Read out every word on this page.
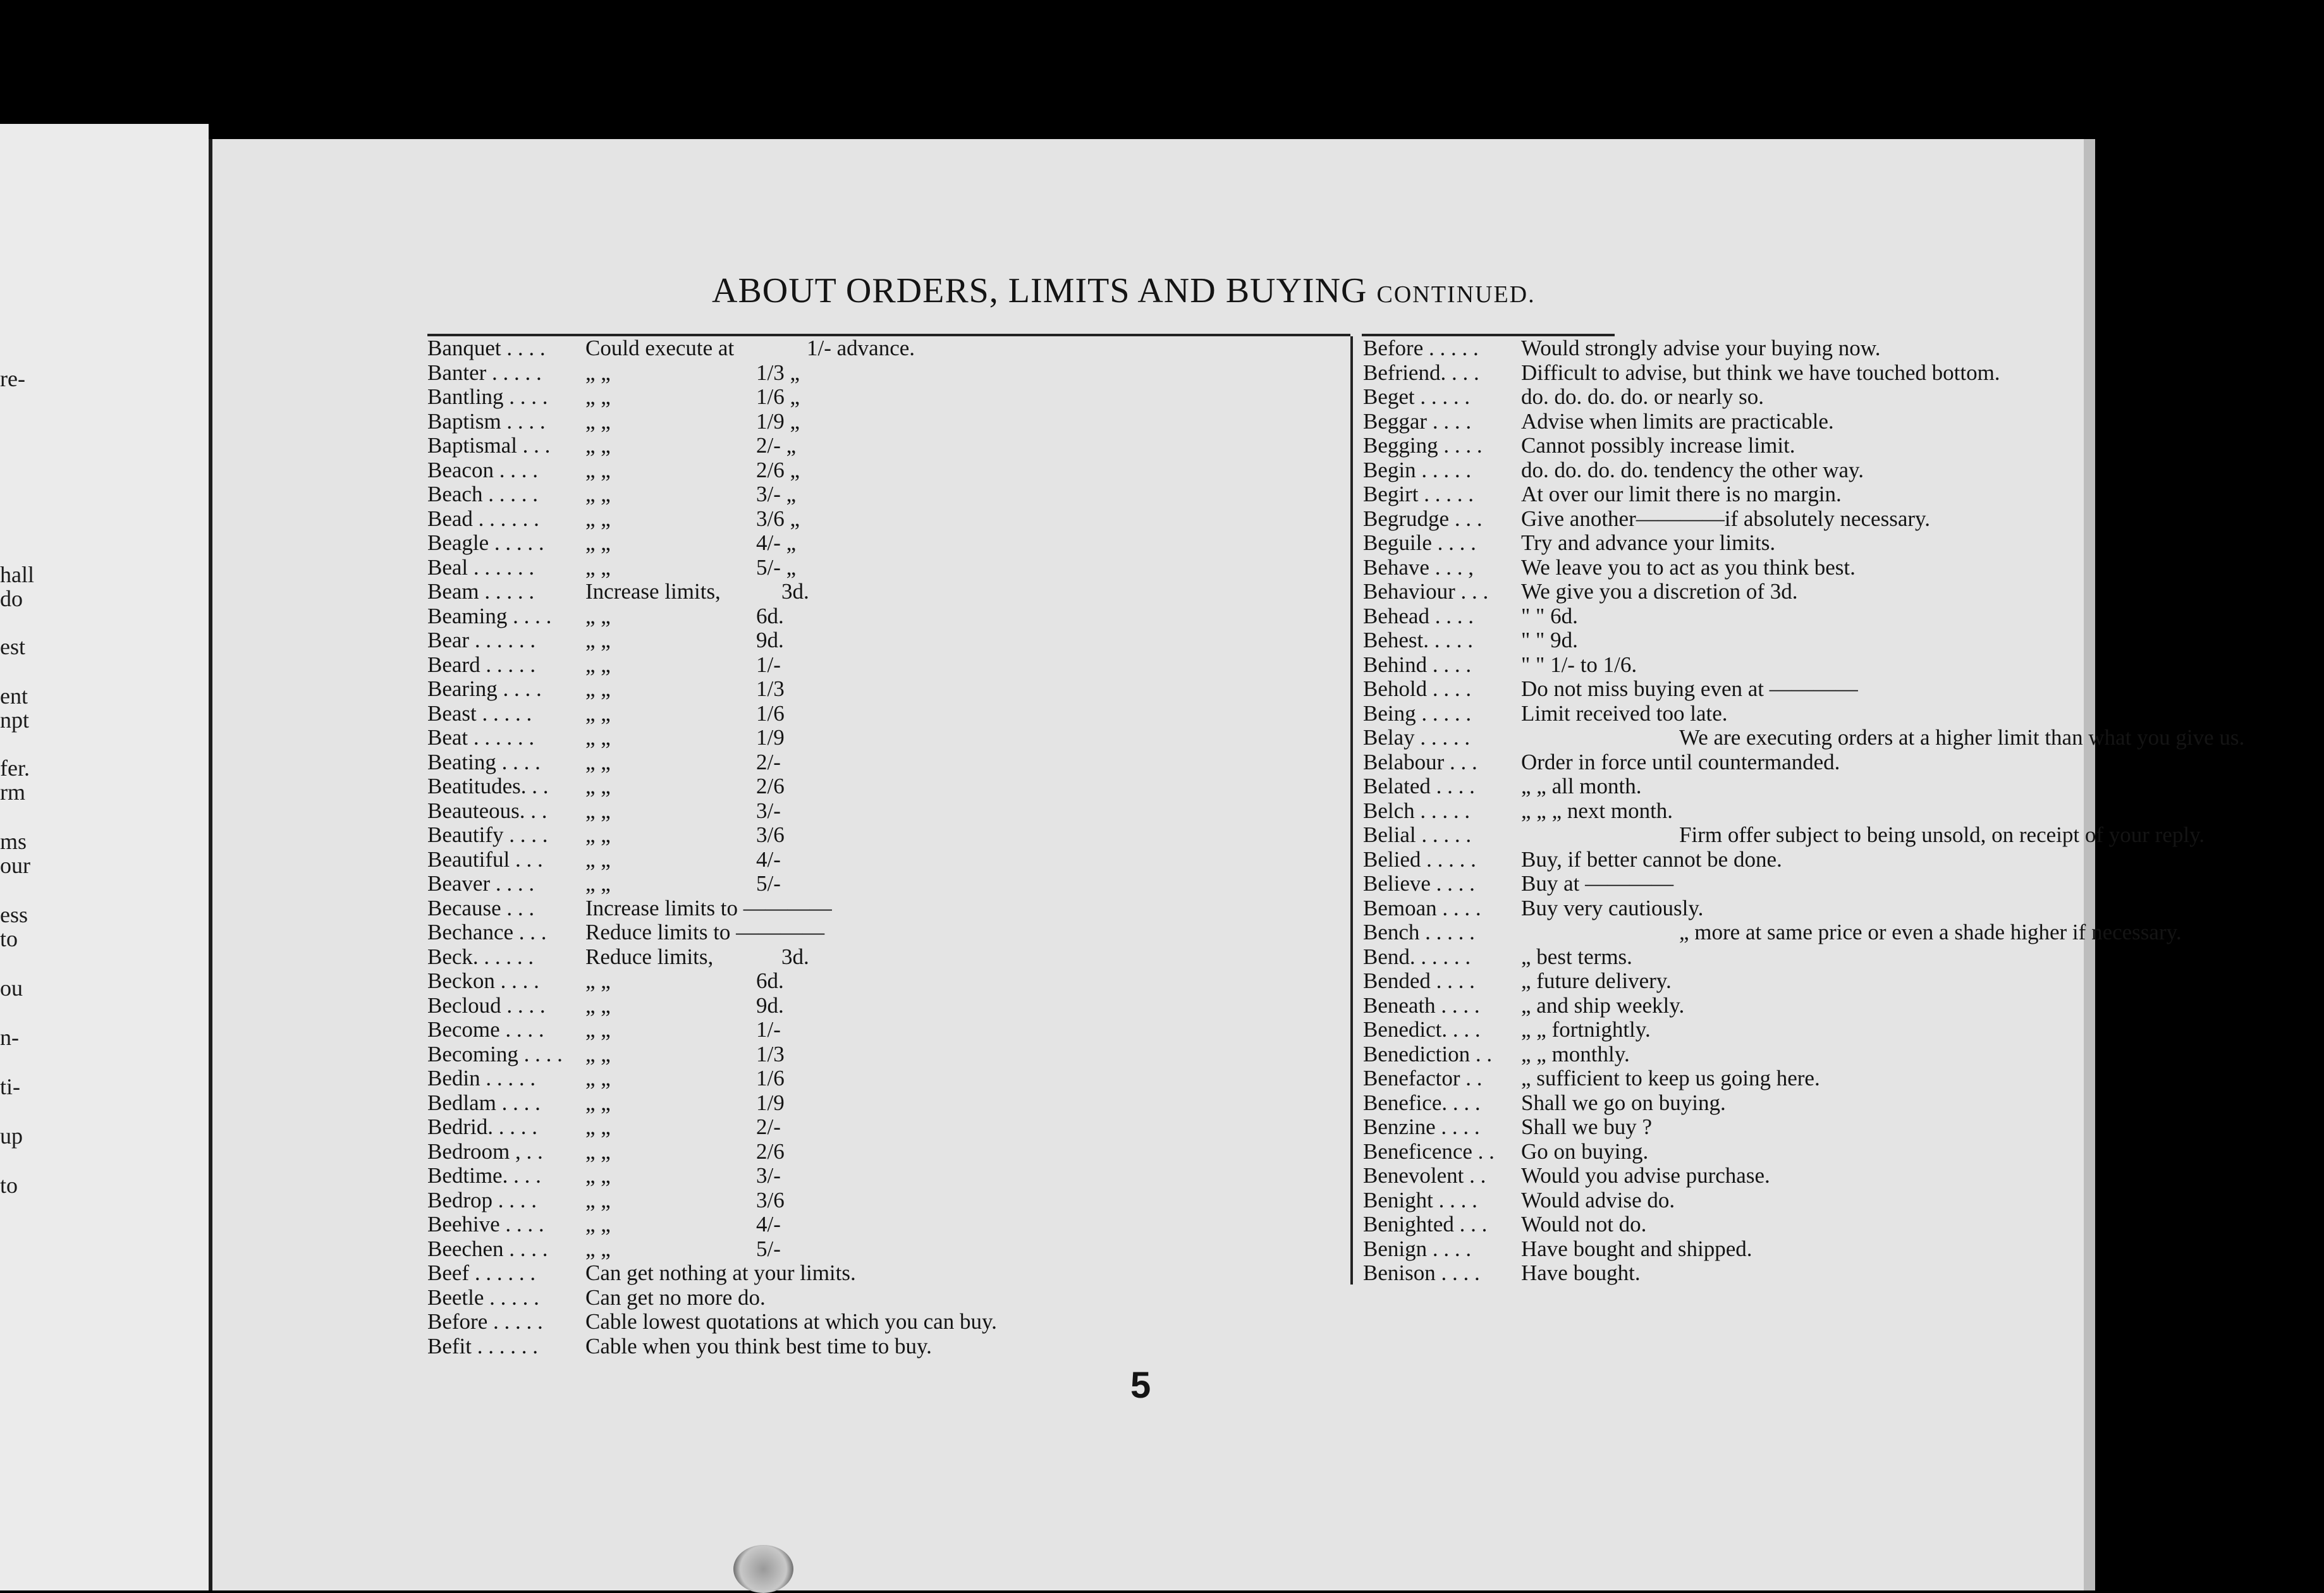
re-
hall
do
est
ent
npt
fer.
rm
ms
our
ess
to
ou
n-
ti-
up
to
ABOUT ORDERS, LIMITS AND BUYING CONTINUED.
Banquet . . . . Could execute at	1/- advance.
Banter . . . . . „ „	1/3 „
Bantling . . . . „ „	1/6 „
Baptism . . . . „ „	1/9 „
Baptismal . . . „ „	2/- „
Beacon . . . . „ „	2/6 „
Beach . . . . . „ „	3/- „
Bead . . . . . . „ „	3/6 „
Beagle . . . . . „ „	4/- „
Beal . . . . . . „ „	5/- „
Beam . . . . . Increase limits,	3d.
Beaming . . . . „ „	6d.
Bear . . . . . . „ „	9d.
Beard . . . . . „ „	1/-
Bearing . . . . „ „	1/3
Beast . . . . . „ „	1/6
Beat . . . . . . „ „	1/9
Beating . . . . „ „	2/-
Beatitudes. . . „ „	2/6
Beauteous. . . „ „	3/-
Beautify . . . . „ „	3/6
Beautiful . . . „ „	4/-
Beaver . . . . „ „	5/-
Because . . . Increase limits to ————
Bechance . . . Reduce limits to ————
Beck. . . . . . Reduce limits,	3d.
Beckon . . . . „ „	6d.
Becloud . . . . „ „	9d.
Become . . . . „ „	1/-
Becoming . . . . „ „	1/3
Bedin . . . . . „ „	1/6
Bedlam . . . . „ „	1/9
Bedrid. . . . . „ „	2/-
Bedroom , . . „ „	2/6
Bedtime. . . . „ „	3/-
Bedrop . . . . „ „	3/6
Beehive . . . . „ „	4/-
Beechen . . . . „ „	5/-
Beef . . . . . . Can get nothing at your limits.
Beetle . . . . . Can get no more do.
Before . . . . . Cable lowest quotations at which you can buy.
Befit . . . . . . Cable when you think best time to buy.
Before . . . . . Would strongly advise your buying now.
Befriend. . . . Difficult to advise, but think we have touched bottom.
Beget . . . . . do. do. do. do. or nearly so.
Beggar . . . . Advise when limits are practicable.
Begging . . . . Cannot possibly increase limit.
Begin . . . . . do. do. do. do. tendency the other way.
Begirt . . . . . At over our limit there is no margin.
Begrudge . . . Give another————if absolutely necessary.
Beguile . . . . Try and advance your limits.
Behave . . . , We leave you to act as you think best.
Behaviour . . . We give you a discretion of 3d.
Behead . . . . " " 6d.
Behest. . . . . " " 9d.
Behind . . . . " " 1/- to 1/6.
Behold . . . . Do not miss buying even at ————
Being . . . . . Limit received too late.
Belay . . . . .	We are executing orders at a higher limit than what you give us.
Belabour . . . Order in force until countermanded.
Belated . . . . „ „ all month.
Belch . . . . . „ „ „ next month.
Belial . . . . .	Firm offer subject to being unsold, on receipt of your reply.
Belied . . . . . Buy, if better cannot be done.
Believe . . . . Buy at ————
Bemoan . . . . Buy very cautiously.
Bench . . . . .	„ more at same price or even a shade higher if necessary.
Bend. . . . . . „ best terms.
Bended . . . . „ future delivery.
Beneath . . . . „ and ship weekly.
Benedict. . . . „ „ fortnightly.
Benediction . . „ „ monthly.
Benefactor . . „ sufficient to keep us going here.
Benefice. . . . Shall we go on buying.
Benzine . . . . Shall we buy ?
Beneficence . . Go on buying.
Benevolent . . Would you advise purchase.
Benight . . . . Would advise do.
Benighted . . . Would not do.
Benign . . . . Have bought and shipped.
Benison . . . . Have bought.
5
